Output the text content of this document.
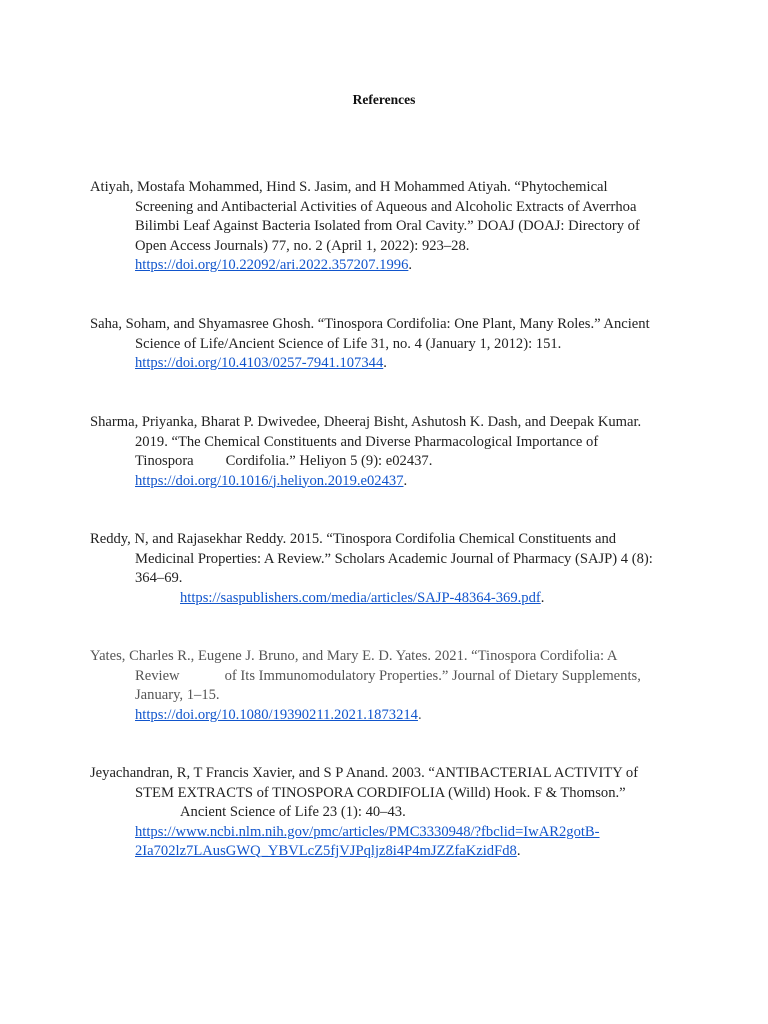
References
Atiyah, Mostafa Mohammed, Hind S. Jasim, and H Mohammed Atiyah. “Phytochemical
Screening and Antibacterial Activities of Aqueous and Alcoholic Extracts of Averrhoa
Bilimbi Leaf Against Bacteria Isolated from Oral Cavity.” DOAJ (DOAJ: Directory of
Open Access Journals) 77, no. 2 (April 1, 2022): 923–28.
https://doi.org/10.22092/ari.2022.357207.1996.
Saha, Soham, and Shyamasree Ghosh. “Tinospora Cordifolia: One Plant, Many Roles.” Ancient
Science of Life/Ancient Science of Life 31, no. 4 (January 1, 2012): 151.
https://doi.org/10.4103/0257-7941.107344.
Sharma, Priyanka, Bharat P. Dwivedee, Dheeraj Bisht, Ashutosh K. Dash, and Deepak Kumar.
2019. “The Chemical Constituents and Diverse Pharmacological Importance of
Tinospora Cordifolia.” Heliyon 5 (9): e02437.
https://doi.org/10.1016/j.heliyon.2019.e02437.
Reddy, N, and Rajasekhar Reddy. 2015. “Tinospora Cordifolia Chemical Constituents and
Medicinal Properties: A Review.” Scholars Academic Journal of Pharmacy (SAJP) 4 (8):
364–69.
https://saspublishers.com/media/articles/SAJP-48364-369.pdf.
Yates, Charles R., Eugene J. Bruno, and Mary E. D. Yates. 2021. “Tinospora Cordifolia: A
Review	of Its Immunomodulatory Properties.” Journal of Dietary Supplements,
January, 1–15.
https://doi.org/10.1080/19390211.2021.1873214.
Jeyachandran, R, T Francis Xavier, and S P Anand. 2003. “ANTIBACTERIAL ACTIVITY of
STEM EXTRACTS of TINOSPORA CORDIFOLIA (Willd) Hook. F & Thomson.”
Ancient Science of Life 23 (1): 40–43.
https://www.ncbi.nlm.nih.gov/pmc/articles/PMC3330948/?fbclid=IwAR2gotB-
2Ia702lz7LAusGWQ_YBVLcZ5fjVJPqljz8i4P4mJZZfaKzidFd8.
